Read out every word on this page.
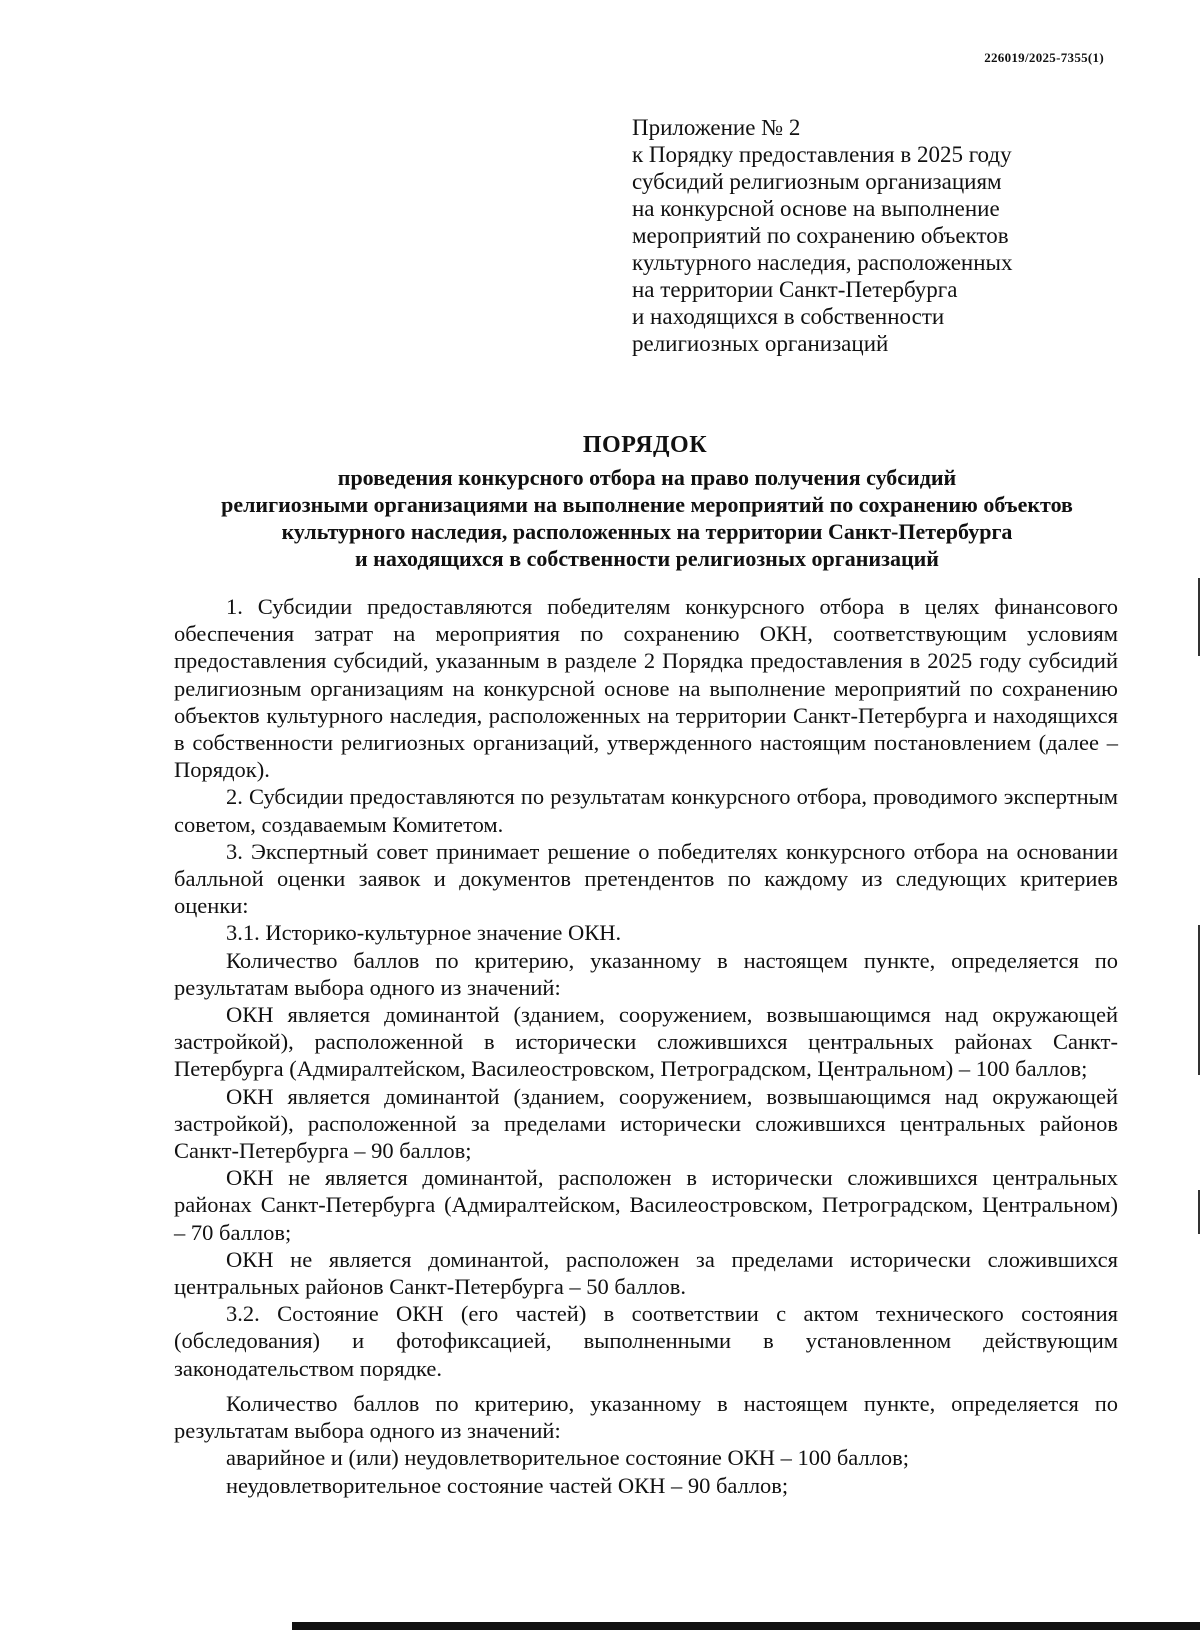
226019/2025-7355(1)
Приложение № 2
к Порядку предоставления в 2025 году
субсидий религиозным организациям
на конкурсной основе на выполнение
мероприятий по сохранению объектов
культурного наследия, расположенных
на территории Санкт-Петербурга
и находящихся в собственности
религиозных организаций
ПОРЯДОК
проведения конкурсного отбора на право получения субсидий
религиозными организациями на выполнение мероприятий по сохранению объектов
культурного наследия, расположенных на территории Санкт-Петербурга
и находящихся в собственности религиозных организаций

1. Субсидии предоставляются победителям конкурсного отбора в целях финансового обеспечения затрат на мероприятия по сохранению ОКН, соответствующим условиям предоставления субсидий, указанным в разделе 2 Порядка предоставления в 2025 году субсидий религиозным организациям на конкурсной основе на выполнение мероприятий по сохранению объектов культурного наследия, расположенных на территории Санкт-Петербурга и находящихся в собственности религиозных организаций, утвержденного настоящим постановлением (далее – Порядок).

2. Субсидии предоставляются по результатам конкурсного отбора, проводимого экспертным советом, создаваемым Комитетом.

3. Экспертный совет принимает решение о победителях конкурсного отбора на основании балльной оценки заявок и документов претендентов по каждому из следующих критериев оценки:

3.1. Историко-культурное значение ОКН.

Количество баллов по критерию, указанному в настоящем пункте, определяется по результатам выбора одного из значений:

ОКН является доминантой (зданием, сооружением, возвышающимся над окружающей застройкой), расположенной в исторически сложившихся центральных районах Санкт-Петербурга (Адмиралтейском, Василеостровском, Петроградском, Центральном) – 100 баллов;

ОКН является доминантой (зданием, сооружением, возвышающимся над окружающей застройкой), расположенной за пределами исторически сложившихся центральных районов Санкт-Петербурга – 90 баллов;

ОКН не является доминантой, расположен в исторически сложившихся центральных районах Санкт-Петербурга (Адмиралтейском, Василеостровском, Петроградском, Центральном) – 70 баллов;

ОКН не является доминантой, расположен за пределами исторически сложившихся центральных районов Санкт-Петербурга – 50 баллов.

3.2. Состояние ОКН (его частей) в соответствии с актом технического состояния (обследования) и фотофиксацией, выполненными в установленном действующим законодательством порядке.

Количество баллов по критерию, указанному в настоящем пункте, определяется по результатам выбора одного из значений:

аварийное и (или) неудовлетворительное состояние ОКН – 100 баллов;

неудовлетворительное состояние частей ОКН – 90 баллов;
